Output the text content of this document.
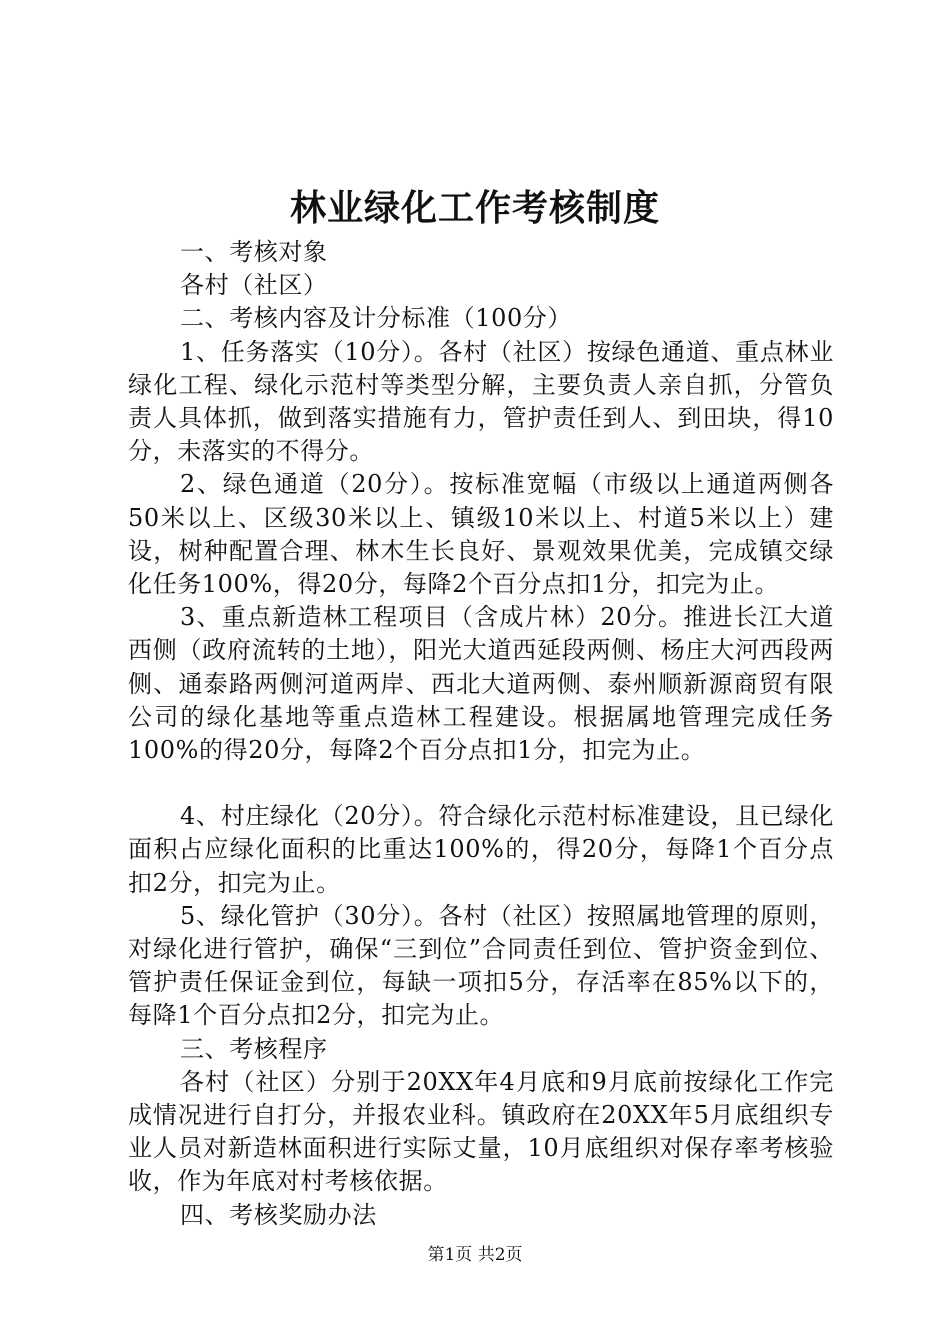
林业绿化工作考核制度

一、考核对象

各村（社区）

二、考核内容及计分标准（100分）

1、任务落实（10分）。各村（社区）按绿色通道、重点林业绿化工程、绿化示范村等类型分解，主要负责人亲自抓，分管负责人具体抓，做到落实措施有力，管护责任到人、到田块，得10分，未落实的不得分。

2、绿色通道（20分）。按标准宽幅（市级以上通道两侧各50米以上、区级30米以上、镇级10米以上、村道5米以上）建设，树种配置合理、林木生长良好、景观效果优美，完成镇交绿化任务100%，得20分，每降2个百分点扣1分，扣完为止。

3、重点新造林工程项目（含成片林）20分。推进长江大道西侧（政府流转的土地），阳光大道西延段两侧、杨庄大河西段两侧、通泰路两侧河道两岸、西北大道两侧、泰州顺新源商贸有限公司的绿化基地等重点造林工程建设。根据属地管理完成任务100%的得20分，每降2个百分点扣1分，扣完为止。

4、村庄绿化（20分）。符合绿化示范村标准建设，且已绿化面积占应绿化面积的比重达100%的，得20分，每降1个百分点扣2分，扣完为止。

5、绿化管护（30分）。各村（社区）按照属地管理的原则，对绿化进行管护，确保“三到位”合同责任到位、管护资金到位、管护责任保证金到位，每缺一项扣5分，存活率在85%以下的，每降1个百分点扣2分，扣完为止。

三、考核程序

各村（社区）分别于20XX年4月底和9月底前按绿化工作完成情况进行自打分，并报农业科。镇政府在20XX年5月底组织专业人员对新造林面积进行实际丈量，10月底组织对保存率考核验收，作为年底对村考核依据。

四、考核奖励办法

第1页 共2页
